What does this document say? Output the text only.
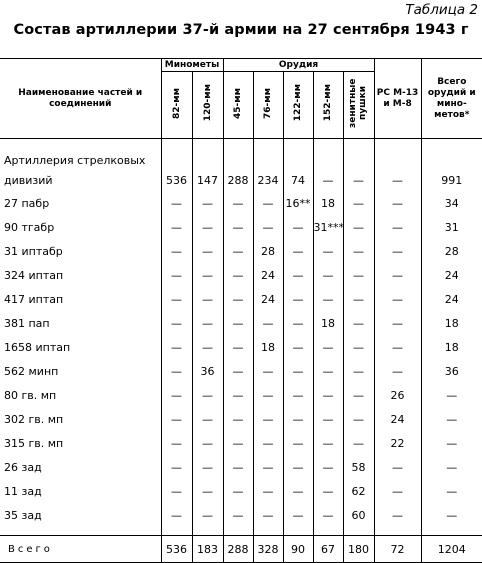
Таблица 2
Состав артиллерии 37-й армии на 27 сентября 1943 г
Наименование частей и соединений	Минометы		Орудия					РС М-13 и М-8	Всего орудий и мино-метов*
	82-мм	120-мм	45-мм	76-мм	122-мм	152-мм	зенитные пушки		

Артиллерия стрелковых
дивизий	536	147	288	234	74	—	—	—	991
27 пабр	—	—	—	—	16**	18	—	—	34
90 тгабр	—	—	—	—	—	31***	—	—	31
31 иптабр	—	—	—	28	—	—	—	—	28
324 иптап	—	—	—	24	—	—	—	—	24
417 иптап	—	—	—	24	—	—	—	—	24
381 пап	—	—	—	—	—	18	—	—	18
1658 иптап	—	—	—	18	—	—	—	—	18
562 минп	—	36	—	—	—	—	—	—	36
80 гв. мп	—	—	—	—	—	—	—	26	—
302 гв. мп	—	—	—	—	—	—	—	24	—
315 гв. мп	—	—	—	—	—	—	—	22	—
26 зад	—	—	—	—	—	—	58	—	—
11 зад	—	—	—	—	—	—	62	—	—
35 зад	—	—	—	—	—	—	60	—	—

Всего	536	183	288	328	90	67	180	72	1204
